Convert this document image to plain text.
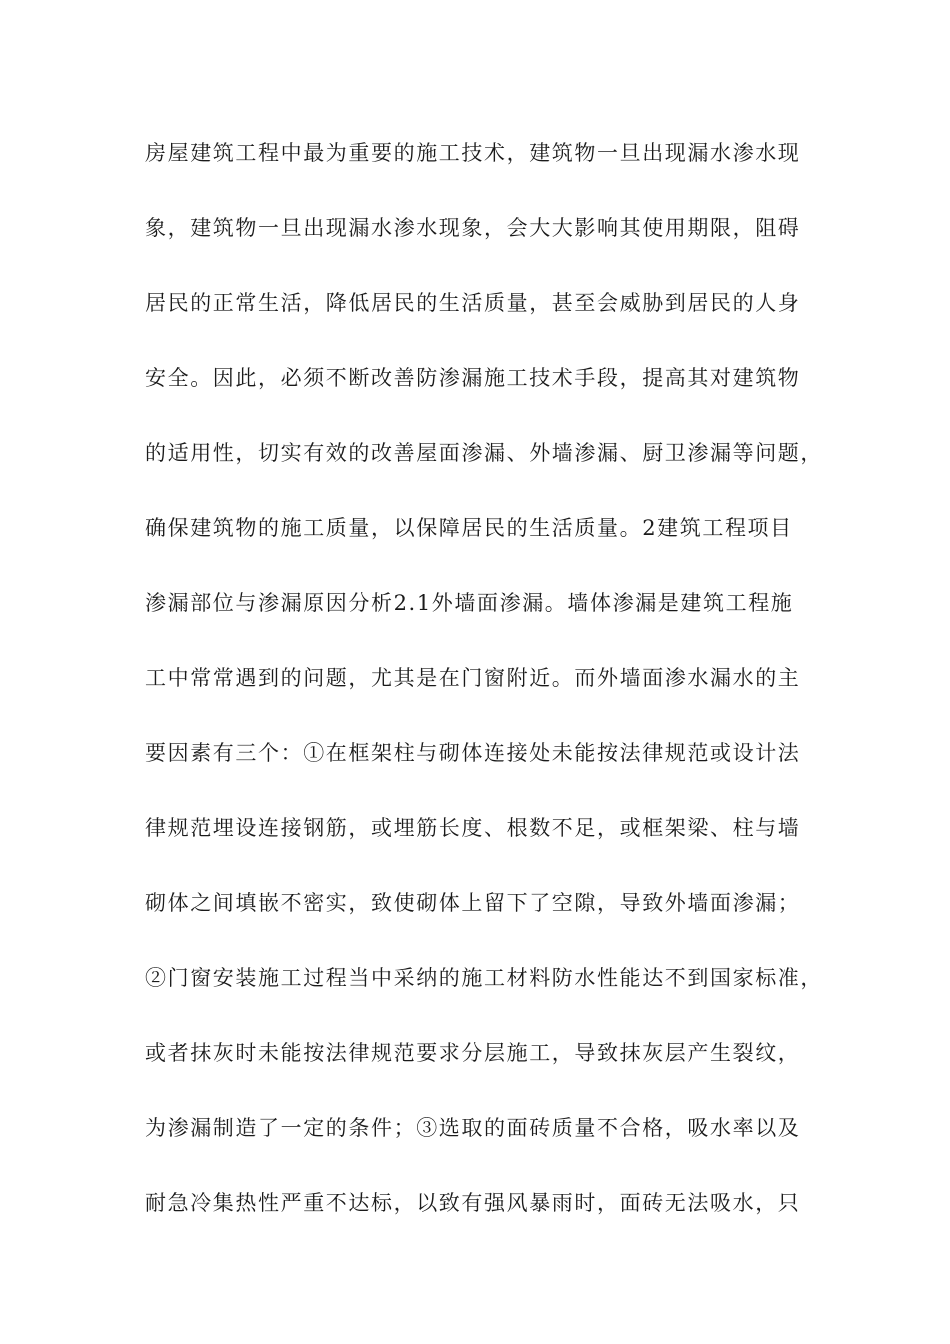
房屋建筑工程中最为重要的施工技术，建筑物一旦出现漏水渗水现
象，建筑物一旦出现漏水渗水现象，会大大影响其使用期限，阻碍
居民的正常生活，降低居民的生活质量，甚至会威胁到居民的人身
安全。因此，必须不断改善防渗漏施工技术手段，提高其对建筑物
的适用性，切实有效的改善屋面渗漏、外墙渗漏、厨卫渗漏等问题，
确保建筑物的施工质量，以保障居民的生活质量。2建筑工程项目
渗漏部位与渗漏原因分析2.1外墙面渗漏。墙体渗漏是建筑工程施
工中常常遇到的问题，尤其是在门窗附近。而外墙面渗水漏水的主
要因素有三个：①在框架柱与砌体连接处未能按法律规范或设计法
律规范埋设连接钢筋，或埋筋长度、根数不足，或框架梁、柱与墙
砌体之间填嵌不密实，致使砌体上留下了空隙，导致外墙面渗漏；
②门窗安装施工过程当中采纳的施工材料防水性能达不到国家标准，
或者抹灰时未能按法律规范要求分层施工，导致抹灰层产生裂纹，
为渗漏制造了一定的条件；③选取的面砖质量不合格，吸水率以及
耐急冷集热性严重不达标，以致有强风暴雨时，面砖无法吸水，只
